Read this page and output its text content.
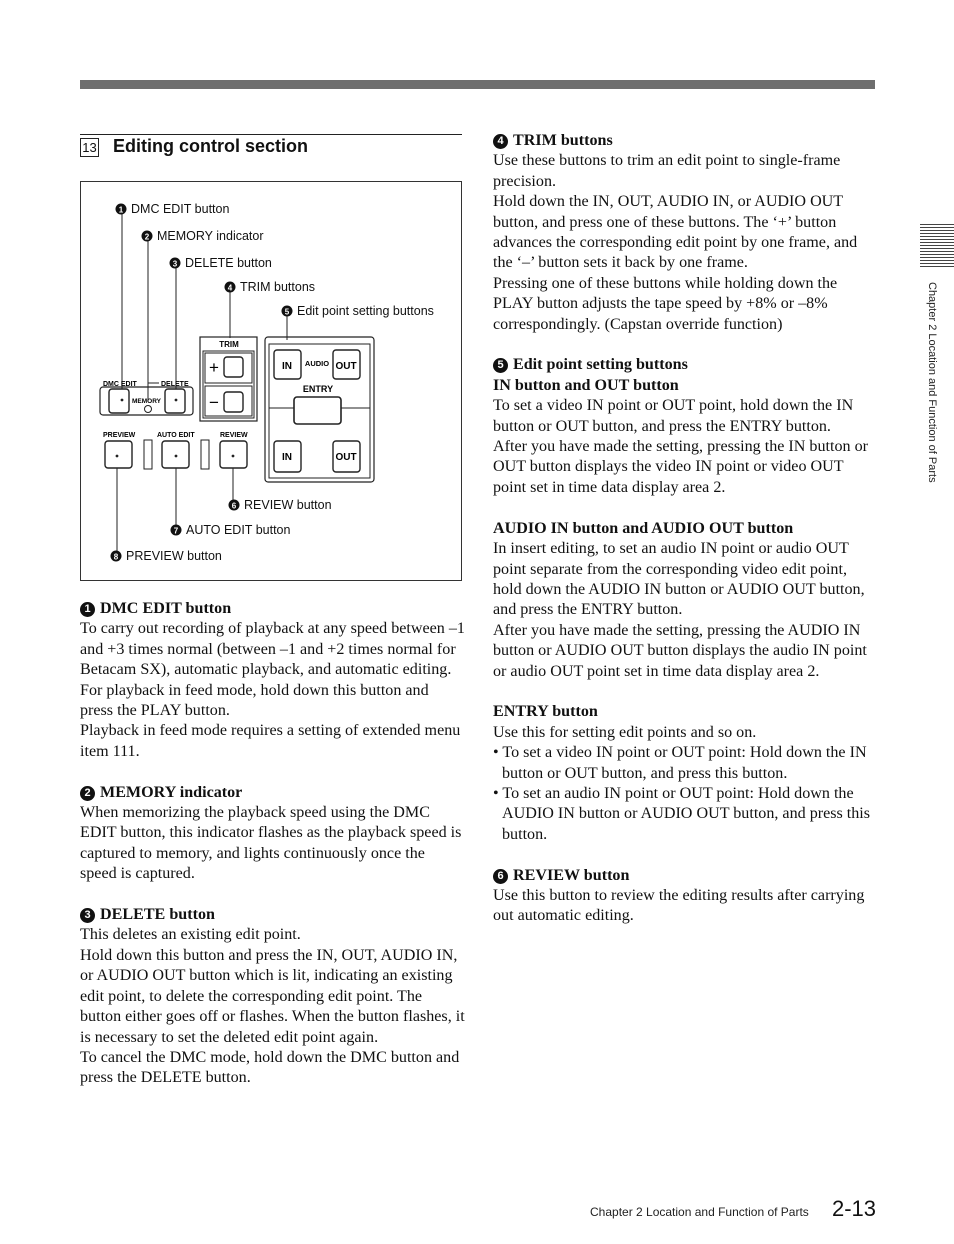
13 Editing control section
1 DMC EDIT button
2 MEMORY indicator
3 DELETE button
4 TRIM buttons
5 Edit point setting buttons
6 REVIEW button
7 AUTO EDIT button
8 PREVIEW button
TRIM
+
−
IN AUDIO OUT
ENTRY
IN	OUT
DMC EDIT	DELETE
MEMORY
PREVIEW	AUTO EDIT	REVIEW
1 DMC EDIT button

To carry out recording of playback at any speed between –1 and +3 times normal (between –1 and +2 times normal for Betacam SX), automatic playback, and automatic editing.

For playback in feed mode, hold down this button and press the PLAY button.

Playback in feed mode requires a setting of extended menu item 111.

2 MEMORY indicator

When memorizing the playback speed using the DMC EDIT button, this indicator flashes as the playback speed is captured to memory, and lights continuously once the speed is captured.

3 DELETE button

This deletes an existing edit point.

Hold down this button and press the IN, OUT, AUDIO IN, or AUDIO OUT button which is lit, indicating an existing edit point, to delete the corresponding edit point. The button either goes off or flashes. When the button flashes, it is necessary to set the deleted edit point again.

To cancel the DMC mode, hold down the DMC button and press the DELETE button.

4 TRIM buttons

Use these buttons to trim an edit point to single-frame precision.

Hold down the IN, OUT, AUDIO IN, or AUDIO OUT button, and press one of these buttons. The ‘+’ button advances the corresponding edit point by one frame, and the ‘–’ button sets it back by one frame.

Pressing one of these buttons while holding down the PLAY button adjusts the tape speed by +8% or –8% correspondingly. (Capstan override function)

5 Edit point setting buttons
IN button and OUT button

To set a video IN point or OUT point, hold down the IN button or OUT button, and press the ENTRY button.

After you have made the setting, pressing the IN button or OUT button displays the video IN point or video OUT point set in time data display area 2.

AUDIO IN button and AUDIO OUT button

In insert editing, to set an audio IN point or audio OUT point separate from the corresponding video edit point, hold down the AUDIO IN button or AUDIO OUT button, and press the ENTRY button.

After you have made the setting, pressing the AUDIO IN button or AUDIO OUT button displays the audio IN point or audio OUT point set in time data display area 2.

ENTRY button

Use this for setting edit points and so on.

• To set a video IN point or OUT point: Hold down the IN button or OUT button, and press this button.

• To set an audio IN point or OUT point: Hold down the AUDIO IN button or AUDIO OUT button, and press this button.

6 REVIEW button

Use this button to review the editing results after carrying out automatic editing.

Chapter 2 Location and Function of Parts
Chapter 2 Location and Function of Parts 2-13
